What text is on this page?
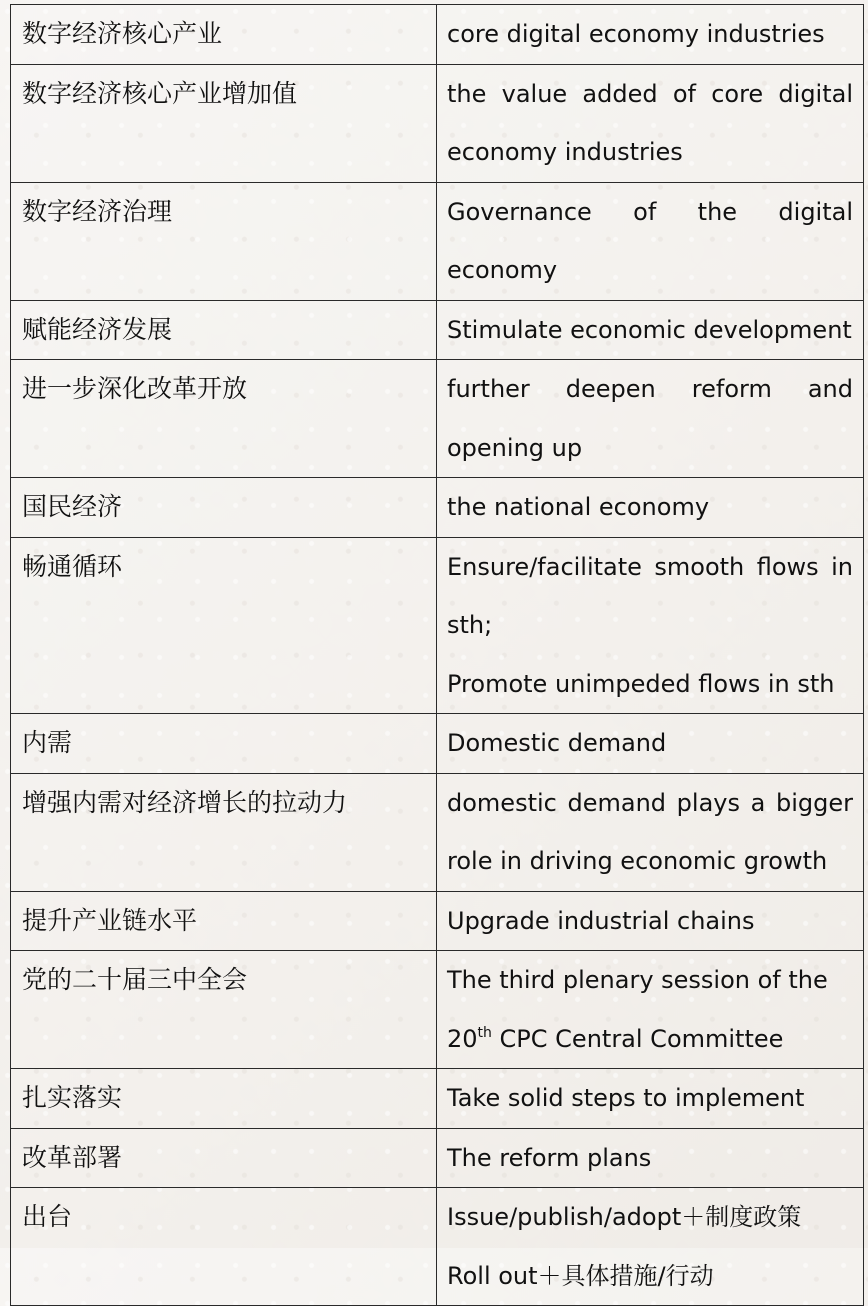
数字经济核心产业	core digital economy industries

数字经济核心产业增加值	the value added of core digital economy industries

数字经济治理	Governance of the digital economy

赋能经济发展	Stimulate economic development

进一步深化改革开放	further deepen reform and opening up

国民经济	the national economy

畅通循环	Ensure/facilitate smooth flows in sth;
Promote unimpeded flows in sth

内需	Domestic demand

增强内需对经济增长的拉动力	domestic demand plays a bigger role in driving economic growth

提升产业链水平	Upgrade industrial chains

党的二十届三中全会	The third plenary session of the
20th CPC Central Committee

扎实落实	Take solid steps to implement

改革部署	The reform plans

出台	Issue/publish/adopt＋制度政策
Roll out＋具体措施/行动
